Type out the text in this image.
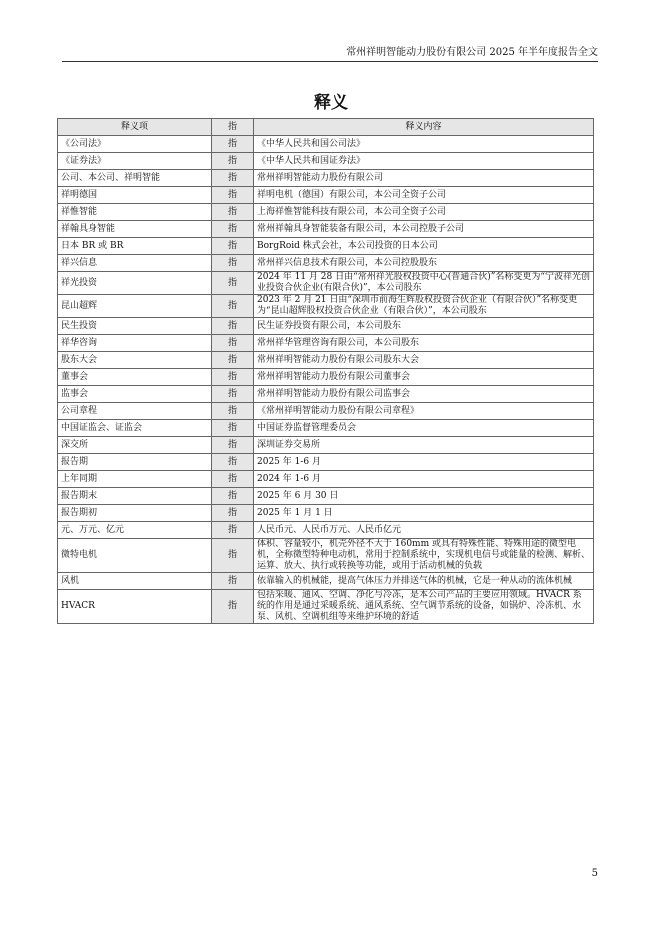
常州祥明智能动力股份有限公司 2025 年半年度报告全文
释义
释义项	指	释义内容
《公司法》	指	《中华人民共和国公司法》
《证券法》	指	《中华人民共和国证券法》
公司、本公司、祥明智能	指	常州祥明智能动力股份有限公司
祥明德国	指	祥明电机（德国）有限公司，本公司全资子公司
祥惟智能	指	上海祥惟智能科技有限公司，本公司全资子公司
祥翰具身智能	指	常州祥翰具身智能装备有限公司，本公司控股子公司
日本 BR 或 BR	指	BorgRoid 株式会社，本公司投资的日本公司
祥兴信息	指	常州祥兴信息技术有限公司，本公司控股股东
祥光投资	指	2024 年 11 月 28 日由“常州祥光股权投资中心(普通合伙)”名称变更为“宁波祥光创业投资合伙企业(有限合伙)”，本公司股东
昆山超辉	指	2023 年 2 月 21 日由“深圳市前海生辉股权投资合伙企业（有限合伙）”名称变更为“昆山超辉股权投资合伙企业（有限合伙）”，本公司股东
民生投资	指	民生证券投资有限公司，本公司股东
祥华咨询	指	常州祥华管理咨询有限公司，本公司股东
股东大会	指	常州祥明智能动力股份有限公司股东大会
董事会	指	常州祥明智能动力股份有限公司董事会
监事会	指	常州祥明智能动力股份有限公司监事会
公司章程	指	《常州祥明智能动力股份有限公司章程》
中国证监会、证监会	指	中国证券监督管理委员会
深交所	指	深圳证券交易所
报告期	指	2025 年 1-6 月
上年同期	指	2024 年 1-6 月
报告期末	指	2025 年 6 月 30 日
报告期初	指	2025 年 1 月 1 日
元、万元、亿元	指	人民币元、人民币万元、人民币亿元
微特电机	指	体积、容量较小，机壳外径不大于 160mm 或具有特殊性能、特殊用途的微型电机，全称微型特种电动机，常用于控制系统中，实现机电信号或能量的检测、解析、运算、放大、执行或转换等功能，或用于活动机械的负载
风机	指	依靠输入的机械能，提高气体压力并排送气体的机械，它是一种从动的流体机械
HVACR	指	包括采暖、通风、空调、净化与冷冻，是本公司产品的主要应用领域。HVACR 系统的作用是通过采暖系统、通风系统、空气调节系统的设备，如锅炉、冷冻机、水泵、风机、空调机组等来维护环境的舒适
5
